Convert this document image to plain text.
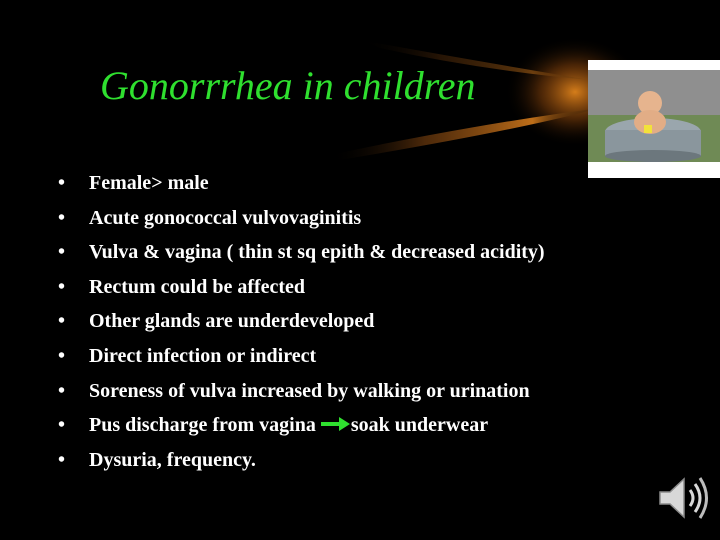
Gonorrrhea in children
•	Female> male
•	Acute gonococcal vulvovaginitis
•	Vulva & vagina ( thin st sq epith & decreased acidity)
•	Rectum could be affected
•	Other glands are underdeveloped
•	Direct infection or indirect
•	Soreness of vulva increased by walking or urination
•	Pus discharge from vagina soak underwear
•	Dysuria, frequency.
